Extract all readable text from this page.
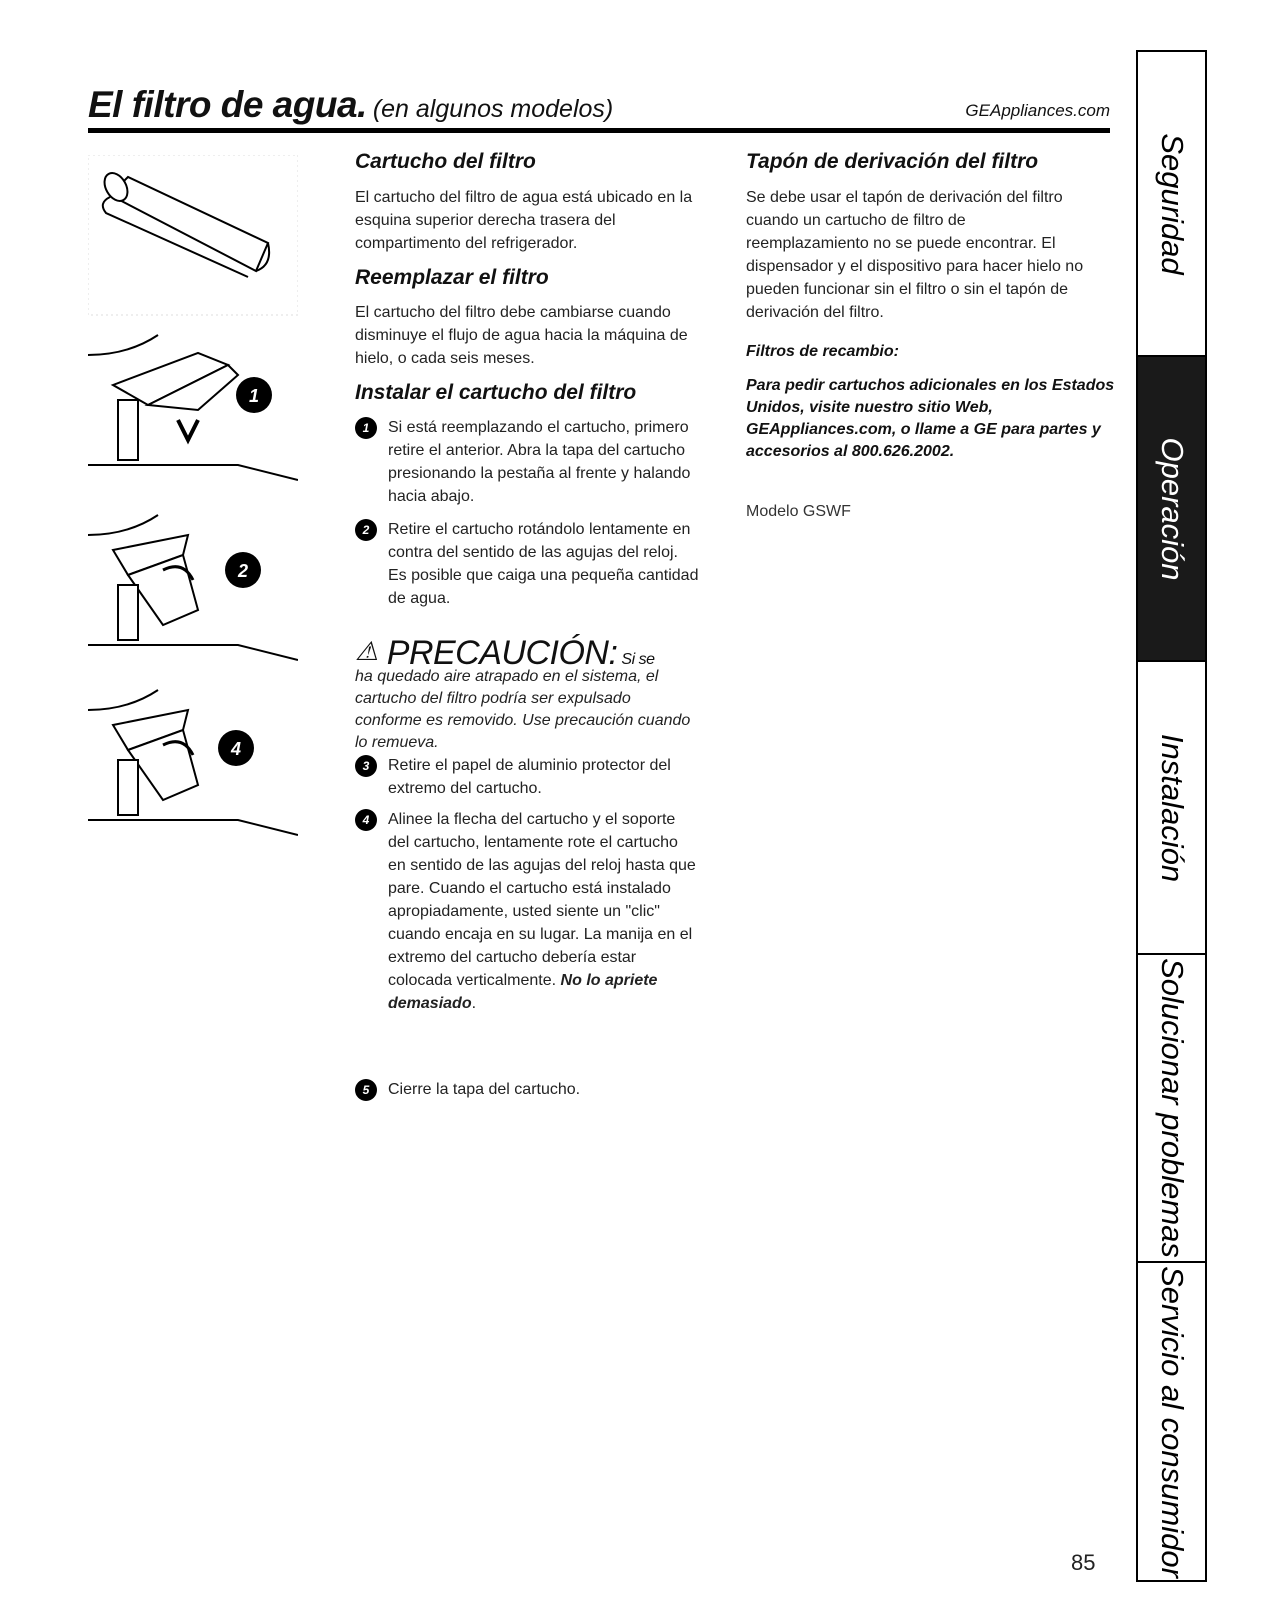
El filtro de agua. (en algunos modelos)	GEAppliances.com
1
2
4
Cartucho del filtro
El cartucho del filtro de agua está ubicado en la esquina superior derecha trasera del compartimento del refrigerador.
Reemplazar el filtro
El cartucho del filtro debe cambiarse cuando disminuye el flujo de agua hacia la máquina de hielo, o cada seis meses.
Instalar el cartucho del filtro
1	Si está reemplazando el cartucho, primero retire el anterior. Abra la tapa del cartucho presionando la pestaña al frente y halando hacia abajo.
2	Retire el cartucho rotándolo lentamente en contra del sentido de las agujas del reloj. Es posible que caiga una pequeña cantidad de agua.
⚠ PRECAUCIÓN: Si se
ha quedado aire atrapado en el sistema, el cartucho del filtro podría ser expulsado conforme es removido. Use precaución cuando lo remueva.
3	Retire el papel de aluminio protector del extremo del cartucho.
4	Alinee la flecha del cartucho y el soporte del cartucho, lentamente rote el cartucho en sentido de las agujas del reloj hasta que pare. Cuando el cartucho está instalado apropiadamente, usted siente un "clic" cuando encaja en su lugar. La manija en el extremo del cartucho debería estar colocada verticalmente. No lo apriete demasiado.
5	Cierre la tapa del cartucho.
Tapón de derivación del filtro
Se debe usar el tapón de derivación del filtro cuando un cartucho de filtro de reemplazamiento no se puede encontrar. El dispensador y el dispositivo para hacer hielo no pueden funcionar sin el filtro o sin el tapón de derivación del filtro.
Filtros de recambio:
Para pedir cartuchos adicionales en los Estados Unidos, visite nuestro sitio Web, GEAppliances.com, o llame a GE para partes y accesorios al 800.626.2002.
Modelo GSWF
Seguridad
Operación
Instalación
Solucionar problemas
Servicio al consumidor
85
